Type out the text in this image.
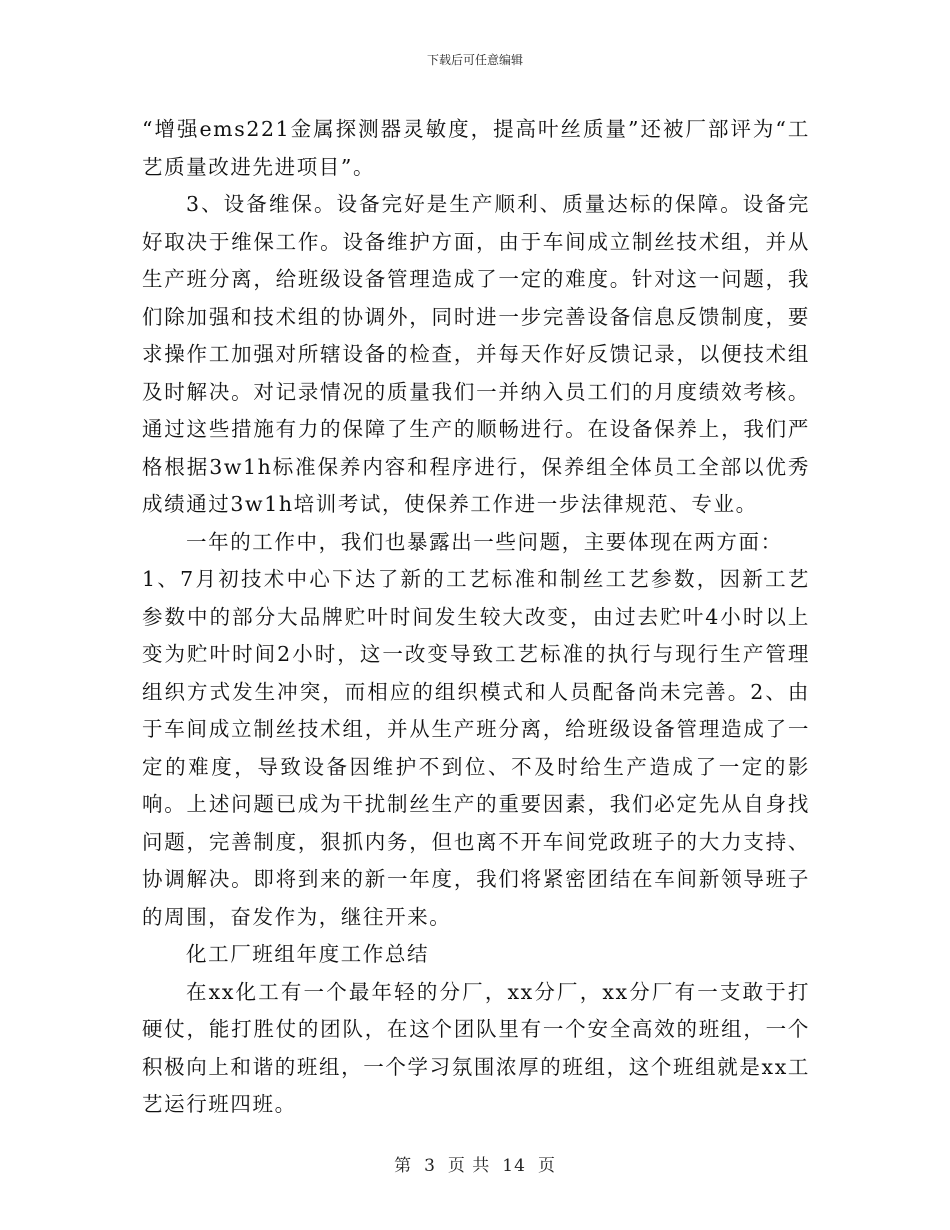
下载后可任意编辑

“增强ems221金属探测器灵敏度，提高叶丝质量”还被厂部评为“工艺质量改进先进项目”。

3、设备维保。设备完好是生产顺利、质量达标的保障。设备完好取决于维保工作。设备维护方面，由于车间成立制丝技术组，并从生产班分离，给班级设备管理造成了一定的难度。针对这一问题，我们除加强和技术组的协调外，同时进一步完善设备信息反馈制度，要求操作工加强对所辖设备的检查，并每天作好反馈记录，以便技术组及时解决。对记录情况的质量我们一并纳入员工们的月度绩效考核。通过这些措施有力的保障了生产的顺畅进行。在设备保养上，我们严格根据3w1h标准保养内容和程序进行，保养组全体员工全部以优秀成绩通过3w1h培训考试，使保养工作进一步法律规范、专业。

一年的工作中，我们也暴露出一些问题，主要体现在两方面：

1、7月初技术中心下达了新的工艺标准和制丝工艺参数，因新工艺参数中的部分大品牌贮叶时间发生较大改变，由过去贮叶4小时以上变为贮叶时间2小时，这一改变导致工艺标准的执行与现行生产管理组织方式发生冲突，而相应的组织模式和人员配备尚未完善。2、由于车间成立制丝技术组，并从生产班分离，给班级设备管理造成了一定的难度，导致设备因维护不到位、不及时给生产造成了一定的影响。上述问题已成为干扰制丝生产的重要因素，我们必定先从自身找问题，完善制度，狠抓内务，但也离不开车间党政班子的大力支持、协调解决。即将到来的新一年度，我们将紧密团结在车间新领导班子的周围，奋发作为，继往开来。

化工厂班组年度工作总结

在xx化工有一个最年轻的分厂，xx分厂，xx分厂有一支敢于打硬仗，能打胜仗的团队，在这个团队里有一个安全高效的班组，一个积极向上和谐的班组，一个学习氛围浓厚的班组，这个班组就是xx工艺运行班四班。

第 3 页 共 14 页
